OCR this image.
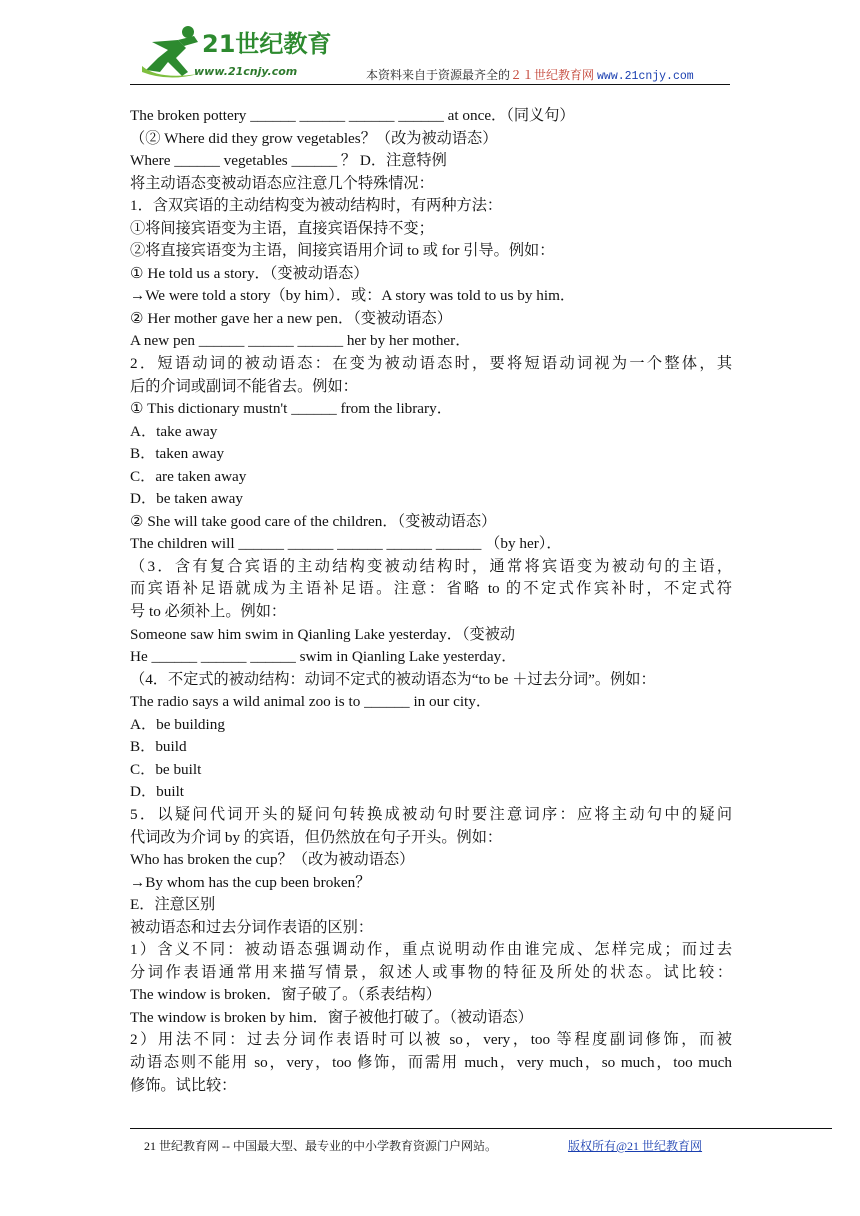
21世纪教育
www.21cnjy.com	本资料来自于资源最齐全的２１世纪教育网 www.21cnjy.com
The broken pottery ______ ______ ______ ______ at once．（同义句）
（② Where did they grow vegetables？（改为被动语态）
Where ______ vegetables ______ ？ D．注意特例
将主动语态变被动语态应注意几个特殊情况：
1．含双宾语的主动结构变为被动结构时，有两种方法：
①将间接宾语变为主语，直接宾语保持不变；
②将直接宾语变为主语，间接宾语用介词 to 或 for 引导。例如：
① He told us a story．（变被动语态）
→We were told a story（by him）．或：A story was told to us by him．
② Her mother gave her a new pen．（变被动语态）
A new pen ______ ______ ______ her by her mother．
2．短语动词的被动语态：在变为被动语态时，要将短语动词视为一个整体，其
后的介词或副词不能省去。例如：
① This dictionary mustn't ______ from the library．
A．take away
B．taken away
C．are taken away
D．be taken away
② She will take good care of the children．（变被动语态）
The children will ______ ______ ______ ______ ______ （by her）．
（3．含有复合宾语的主动结构变被动结构时，通常将宾语变为被动句的主语，
而宾语补足语就成为主语补足语。注意：省略 to 的不定式作宾补时，不定式符
号 to 必须补上。例如：
Someone saw him swim in Qianling Lake yesterday．（变被动
He ______ ______ ______ swim in Qianling Lake yesterday．
（4．不定式的被动结构：动词不定式的被动语态为“to be ＋过去分词”。例如：
The radio says a wild animal zoo is to ______ in our city．
A．be building
B．build
C．be built
D．built
5．以疑问代词开头的疑问句转换成被动句时要注意词序：应将主动句中的疑问
代词改为介词 by 的宾语，但仍然放在句子开头。例如：
Who has broken the cup？（改为被动语态）
→By whom has the cup been broken？
E．注意区别
被动语态和过去分词作表语的区别：
1）含义不同：被动语态强调动作，重点说明动作由谁完成、怎样完成；而过去
分词作表语通常用来描写情景，叙述人或事物的特征及所处的状态。试比较：
The window is broken．窗子破了。（系表结构）
The window is broken by him．窗子被他打破了。（被动语态）
2）用法不同：过去分词作表语时可以被 so，very，too 等程度副词修饰，而被
动语态则不能用 so，very，too 修饰，而需用 much，very much，so much，too much
修饰。试比较：
21 世纪教育网 -- 中国最大型、最专业的中小学教育资源门户网站。	版权所有@21 世纪教育网
